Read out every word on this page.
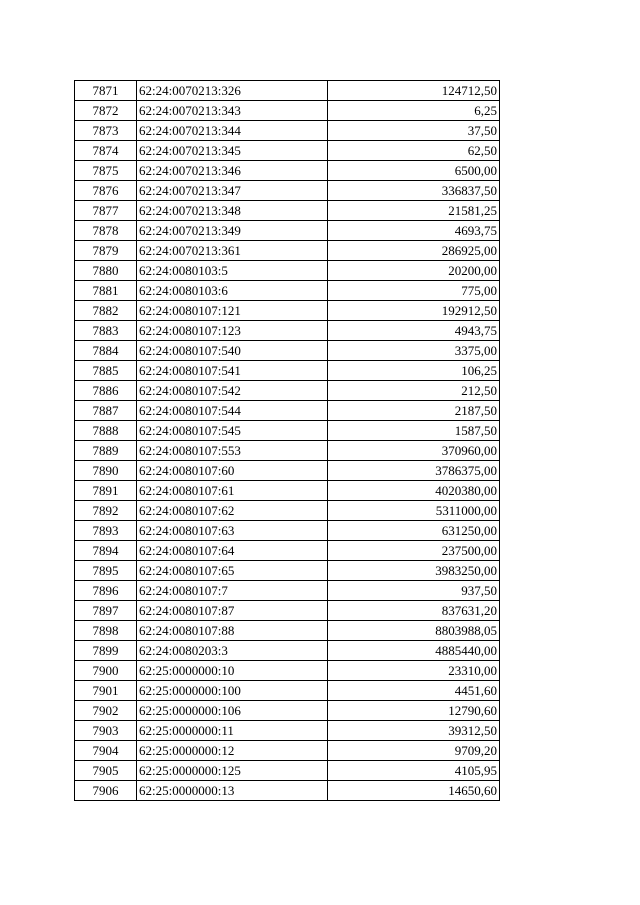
7871	62:24:0070213:326	124712,50
7872	62:24:0070213:343	6,25
7873	62:24:0070213:344	37,50
7874	62:24:0070213:345	62,50
7875	62:24:0070213:346	6500,00
7876	62:24:0070213:347	336837,50
7877	62:24:0070213:348	21581,25
7878	62:24:0070213:349	4693,75
7879	62:24:0070213:361	286925,00
7880	62:24:0080103:5	20200,00
7881	62:24:0080103:6	775,00
7882	62:24:0080107:121	192912,50
7883	62:24:0080107:123	4943,75
7884	62:24:0080107:540	3375,00
7885	62:24:0080107:541	106,25
7886	62:24:0080107:542	212,50
7887	62:24:0080107:544	2187,50
7888	62:24:0080107:545	1587,50
7889	62:24:0080107:553	370960,00
7890	62:24:0080107:60	3786375,00
7891	62:24:0080107:61	4020380,00
7892	62:24:0080107:62	5311000,00
7893	62:24:0080107:63	631250,00
7894	62:24:0080107:64	237500,00
7895	62:24:0080107:65	3983250,00
7896	62:24:0080107:7	937,50
7897	62:24:0080107:87	837631,20
7898	62:24:0080107:88	8803988,05
7899	62:24:0080203:3	4885440,00
7900	62:25:0000000:10	23310,00
7901	62:25:0000000:100	4451,60
7902	62:25:0000000:106	12790,60
7903	62:25:0000000:11	39312,50
7904	62:25:0000000:12	9709,20
7905	62:25:0000000:125	4105,95
7906	62:25:0000000:13	14650,60
